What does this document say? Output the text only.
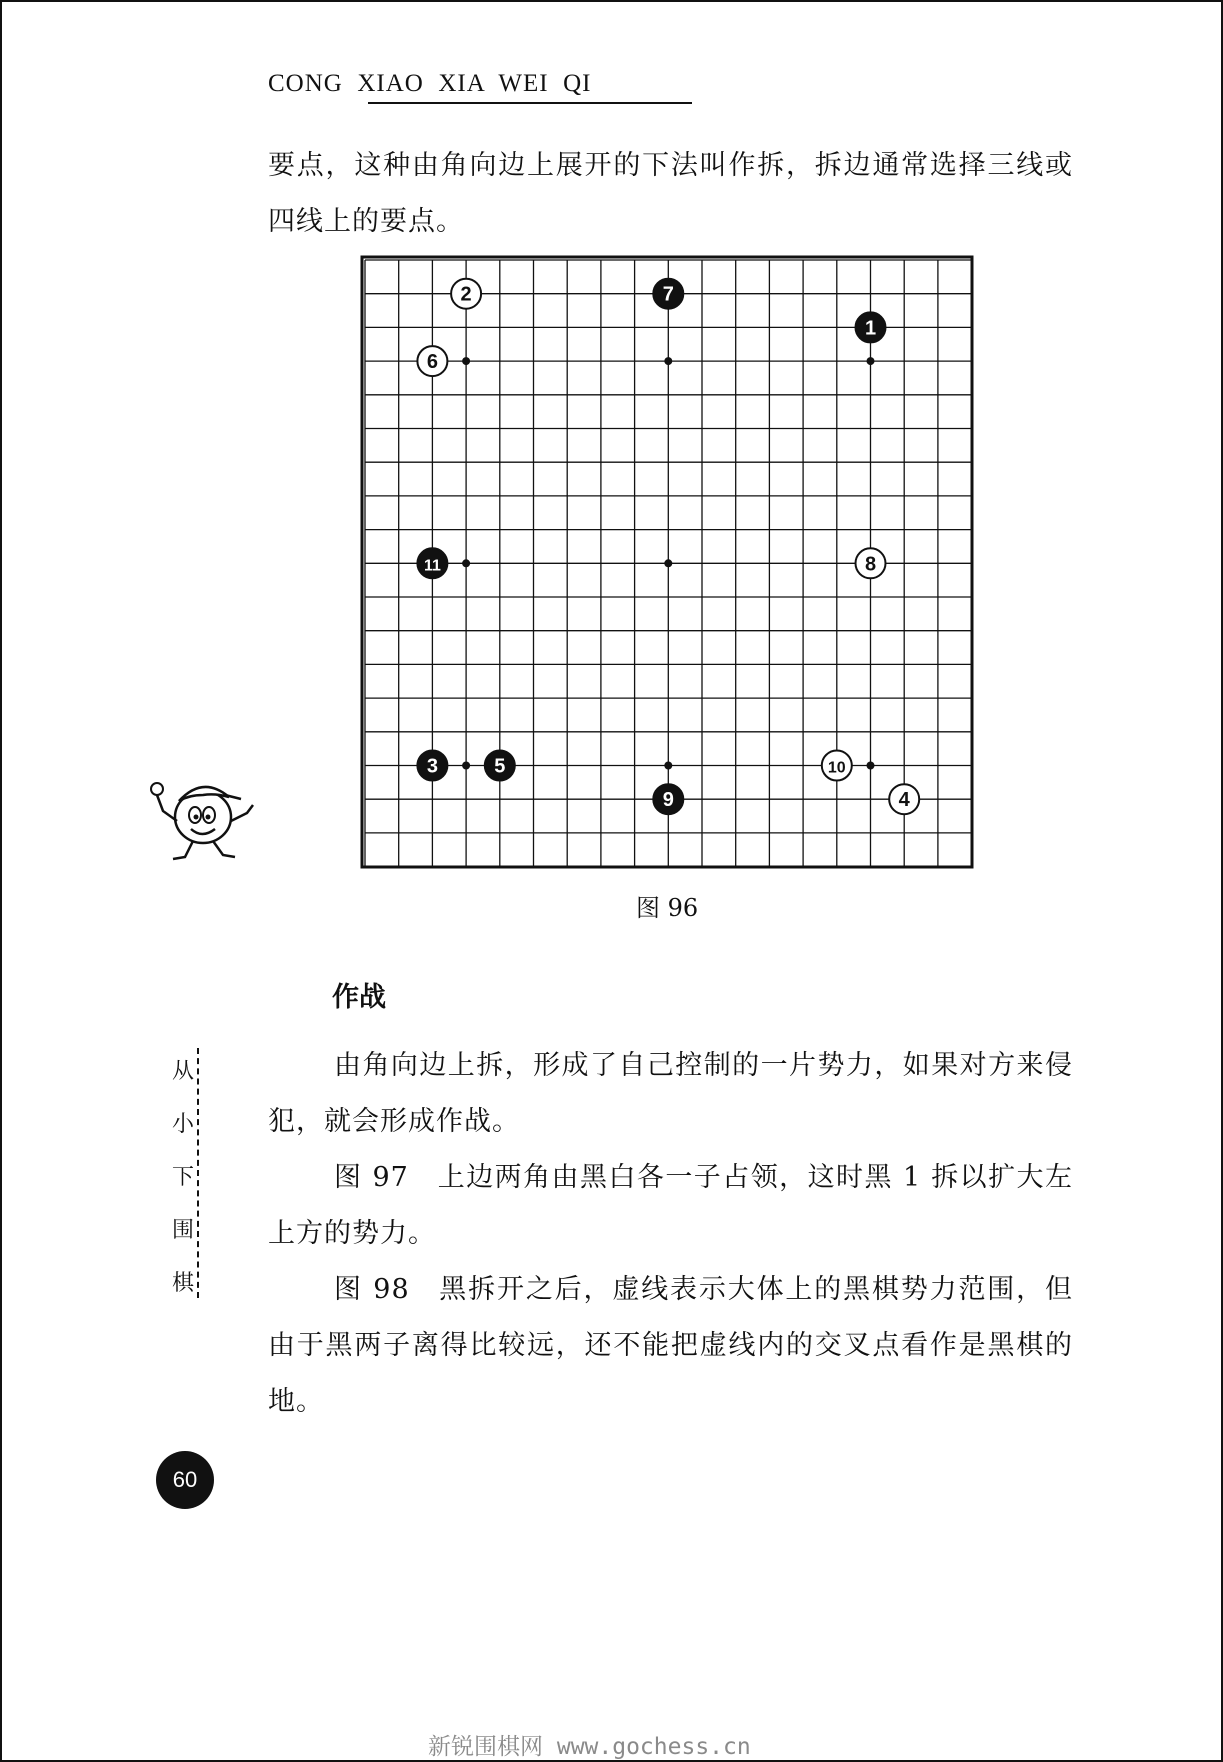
CONG  XIAO  XIA  WEI  QI
要点，这种由角向边上展开的下法叫作拆，拆边通常选择三线或四线上的要点。
1
2
3
4
5
6
7
8
9
10
11
图 96
作战
从
小
下
围
棋
由角向边上拆，形成了自己控制的一片势力，如果对方来侵犯，就会形成作战。
图 97　上边两角由黑白各一子占领，这时黑 1 拆以扩大左上方的势力。
图 98　黑拆开之后，虚线表示大体上的黑棋势力范围，但由于黑两子离得比较远，还不能把虚线内的交叉点看作是黑棋的地。
60
新锐围棋网 www.gochess.cn
